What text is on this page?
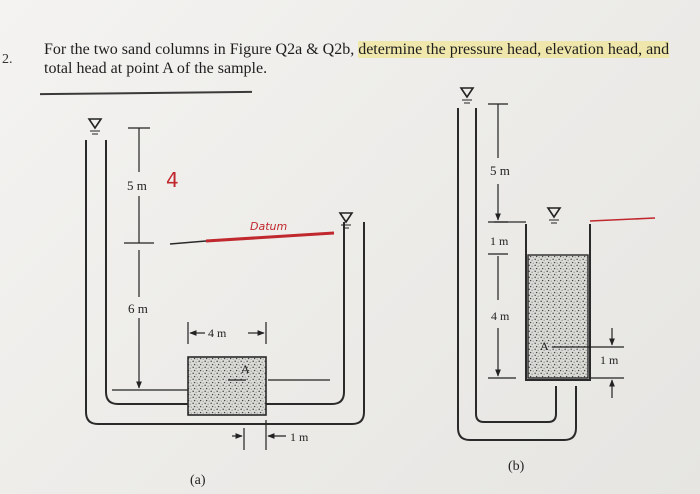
2.
For the two sand columns in Figure Q2a & Q2b, determine the pressure head, elevation head, and
total head at point A of the sample.
5 m 4
Datum
6 m
A
4 m
1 m
(a)
5 m
1 m
4 m
A
1 m
(b)
